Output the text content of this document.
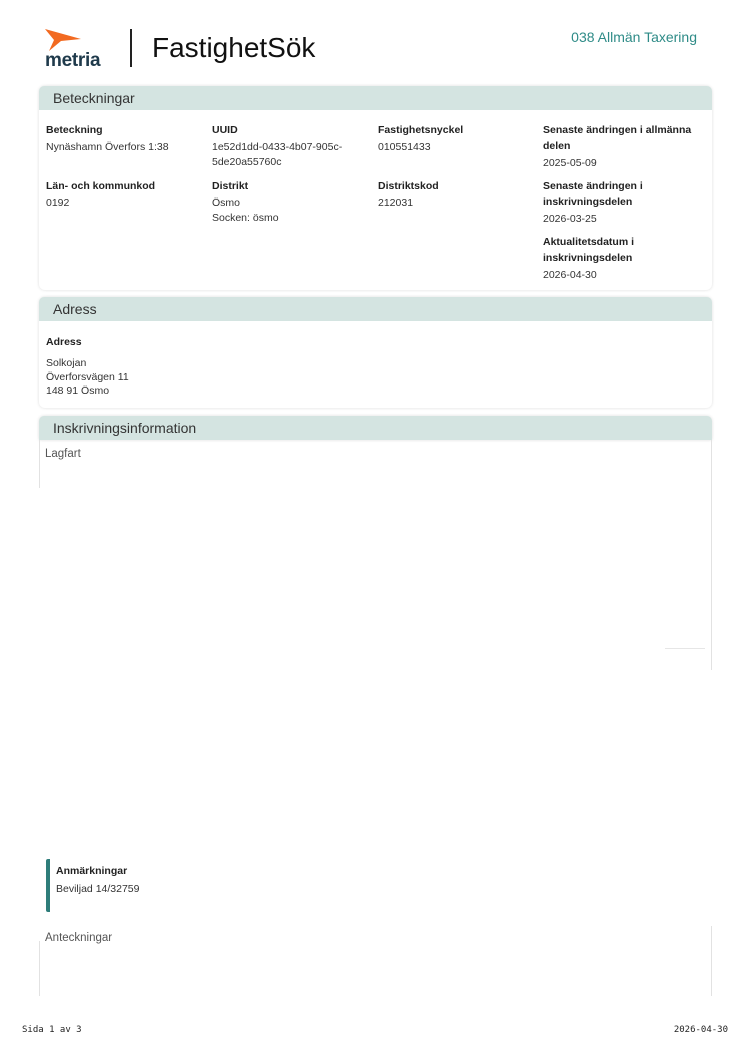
metria FastighetSök	038 Allmän Taxering
Beteckningar
Beteckning
Nynäshamn Överfors 1:38
UUID
1e52d1dd-0433-4b07-905c-
5de20a55760c
Fastighetsnyckel
010551433
Senaste ändringen i allmänna
delen
2025-05-09
Län- och kommunkod
0192
Distrikt
Ösmo
Socken: ösmo
Distriktskod
212031
Senaste ändringen i
inskrivningsdelen
2026-03-25
Aktualitetsdatum i
inskrivningsdelen
2026-04-30
Adress
Adress
Solkojan
Överforsvägen 11
148 91 Ösmo
Inskrivningsinformation
Lagfart
Anmärkningar
Beviljad 14/32759
Anteckningar
Sida 1 av 3	2026-04-30
